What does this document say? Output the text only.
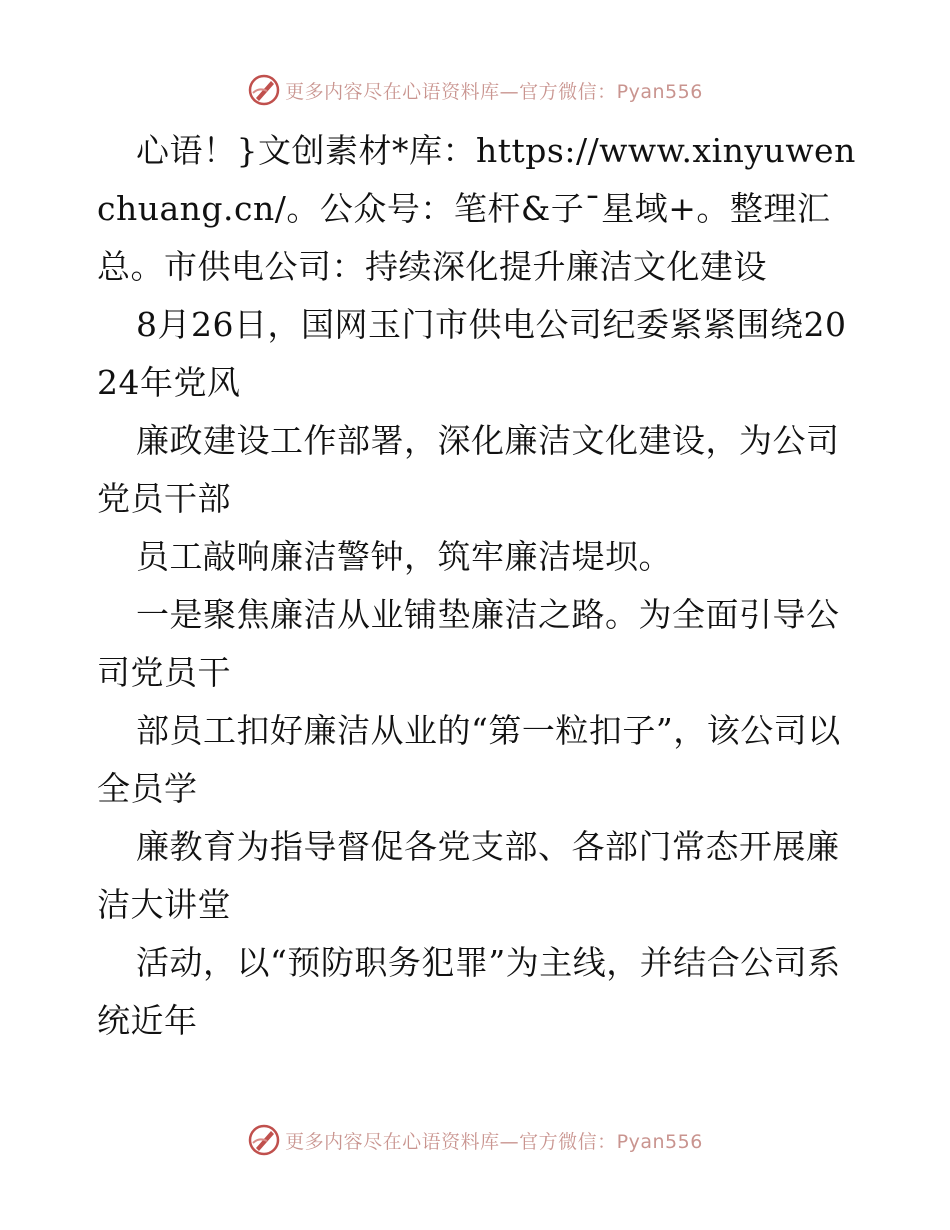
更多内容尽在心语资料库—官方微信：Pyan556

心语！}文创素材*库：https://www.xinyuwenchuang.cn/。公众号：笔杆&子¯星域+。整理汇总。市供电公司：持续深化提升廉洁文化建设

8月26日，国网玉门市供电公司纪委紧紧围绕2024年党风

廉政建设工作部署，深化廉洁文化建设，为公司党员干部

员工敲响廉洁警钟，筑牢廉洁堤坝。

一是聚焦廉洁从业铺垫廉洁之路。为全面引导公司党员干

部员工扣好廉洁从业的“第一粒扣子”，该公司以全员学

廉教育为指导督促各党支部、各部门常态开展廉洁大讲堂

活动，以“预防职务犯罪”为主线，并结合公司系统近年

更多内容尽在心语资料库—官方微信：Pyan556
